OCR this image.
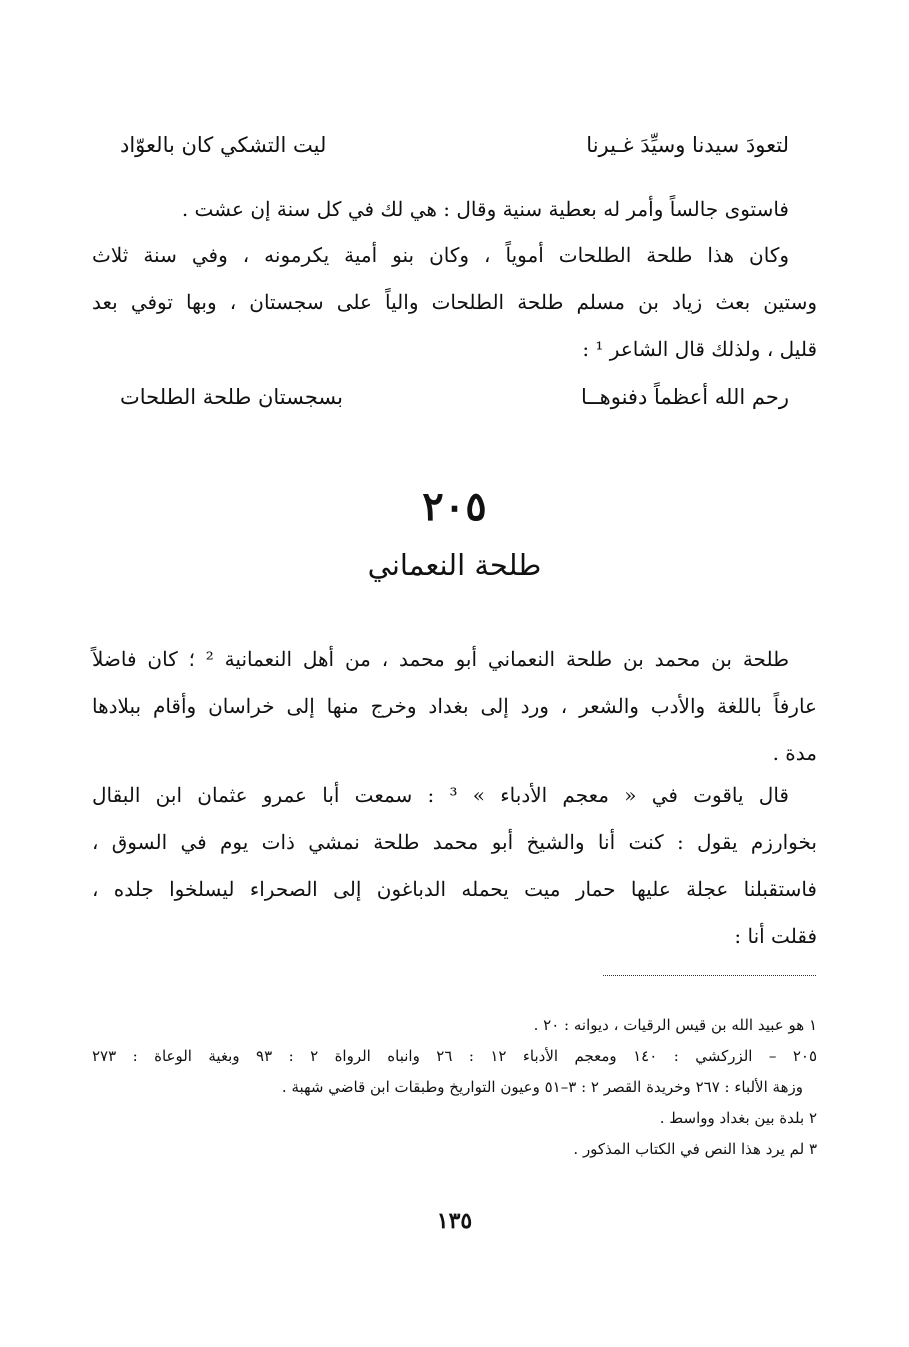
لتعودَ سيدنا وسيِّدَ غـيرنا
ليت التشكي كان بالعوّاد
فاستوى جالساً وأمر له بعطية سنية وقال : هي لك في كل سنة إن عشت .
وكان هذا طلحة الطلحات أموياً ، وكان بنو أمية يكرمونه ، وفي سنة ثلاث
وستين بعث زياد بن مسلم طلحة الطلحات والياً على سجستان ، وبها توفي بعد
قليل ، ولذلك قال الشاعر ¹ :
رحم الله أعظماً دفنوهــا
بسجستان طلحة الطلحات
٢٠٥
طلحة النعماني
طلحة بن محمد بن طلحة النعماني أبو محمد ، من أهل النعمانية ² ؛ كان فاضلاً
عارفاً باللغة والأدب والشعر ، ورد إلى بغداد وخرج منها إلى خراسان وأقام ببلادها
مدة .
قال ياقوت في « معجم الأدباء » ³ : سمعت أبا عمرو عثمان ابن البقال
بخوارزم يقول : كنت أنا والشيخ أبو محمد طلحة نمشي ذات يوم في السوق ،
فاستقبلنا عجلة عليها حمار ميت يحمله الدباغون إلى الصحراء ليسلخوا جلده ،
فقلت أنا :
١ هو عبيد الله بن قيس الرقيات ، ديوانه : ٢٠ .
٢٠٥ – الزركشي : ١٤٠ ومعجم الأدباء ١٢ : ٢٦ وانباه الرواة ٢ : ٩٣ وبغية الوعاة : ٢٧٣
وزهة الألباء : ٢٦٧ وخريدة القصر ٢ : ٣–٥١ وعيون التواريخ وطبقات ابن قاضي شهبة .
٢ بلدة بين بغداد وواسط .
٣ لم يرد هذا النص في الكتاب المذكور .
١٣٥
